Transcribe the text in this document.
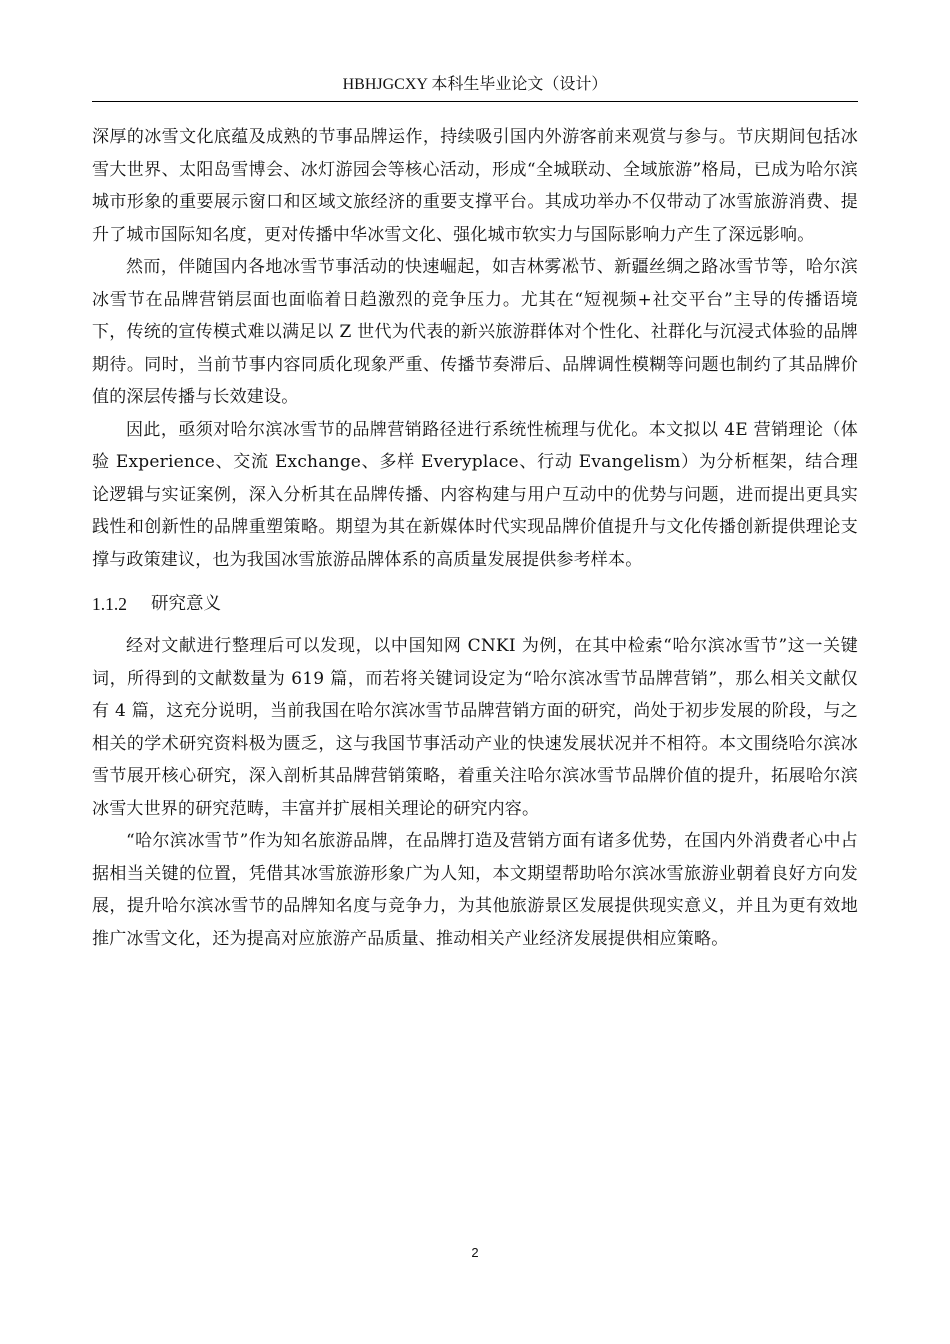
HBHJGCXY 本科生毕业论文（设计）

深厚的冰雪文化底蕴及成熟的节事品牌运作，持续吸引国内外游客前来观赏与参与。节庆期间包括冰雪大世界、太阳岛雪博会、冰灯游园会等核心活动，形成“全城联动、全域旅游”格局，已成为哈尔滨城市形象的重要展示窗口和区域文旅经济的重要支撑平台。其成功举办不仅带动了冰雪旅游消费、提升了城市国际知名度，更对传播中华冰雪文化、强化城市软实力与国际影响力产生了深远影响。

然而，伴随国内各地冰雪节事活动的快速崛起，如吉林雾凇节、新疆丝绸之路冰雪节等，哈尔滨冰雪节在品牌营销层面也面临着日趋激烈的竞争压力。尤其在“短视频+社交平台”主导的传播语境下，传统的宣传模式难以满足以 Z 世代为代表的新兴旅游群体对个性化、社群化与沉浸式体验的品牌期待。同时，当前节事内容同质化现象严重、传播节奏滞后、品牌调性模糊等问题也制约了其品牌价值的深层传播与长效建设。

因此，亟须对哈尔滨冰雪节的品牌营销路径进行系统性梳理与优化。本文拟以 4E 营销理论（体验 Experience、交流 Exchange、多样 Everyplace、行动 Evangelism）为分析框架，结合理论逻辑与实证案例，深入分析其在品牌传播、内容构建与用户互动中的优势与问题，进而提出更具实践性和创新性的品牌重塑策略。期望为其在新媒体时代实现品牌价值提升与文化传播创新提供理论支撑与政策建议，也为我国冰雪旅游品牌体系的高质量发展提供参考样本。

1.1.2 研究意义

经对文献进行整理后可以发现，以中国知网 CNKI 为例，在其中检索“哈尔滨冰雪节”这一关键词，所得到的文献数量为 619 篇，而若将关键词设定为“哈尔滨冰雪节品牌营销”，那么相关文献仅有 4 篇，这充分说明，当前我国在哈尔滨冰雪节品牌营销方面的研究，尚处于初步发展的阶段，与之相关的学术研究资料极为匮乏，这与我国节事活动产业的快速发展状况并不相符。本文围绕哈尔滨冰雪节展开核心研究，深入剖析其品牌营销策略，着重关注哈尔滨冰雪节品牌价值的提升，拓展哈尔滨冰雪大世界的研究范畴，丰富并扩展相关理论的研究内容。

“哈尔滨冰雪节”作为知名旅游品牌，在品牌打造及营销方面有诸多优势，在国内外消费者心中占据相当关键的位置，凭借其冰雪旅游形象广为人知，本文期望帮助哈尔滨冰雪旅游业朝着良好方向发展，提升哈尔滨冰雪节的品牌知名度与竞争力，为其他旅游景区发展提供现实意义，并且为更有效地推广冰雪文化，还为提高对应旅游产品质量、推动相关产业经济发展提供相应策略。

2
